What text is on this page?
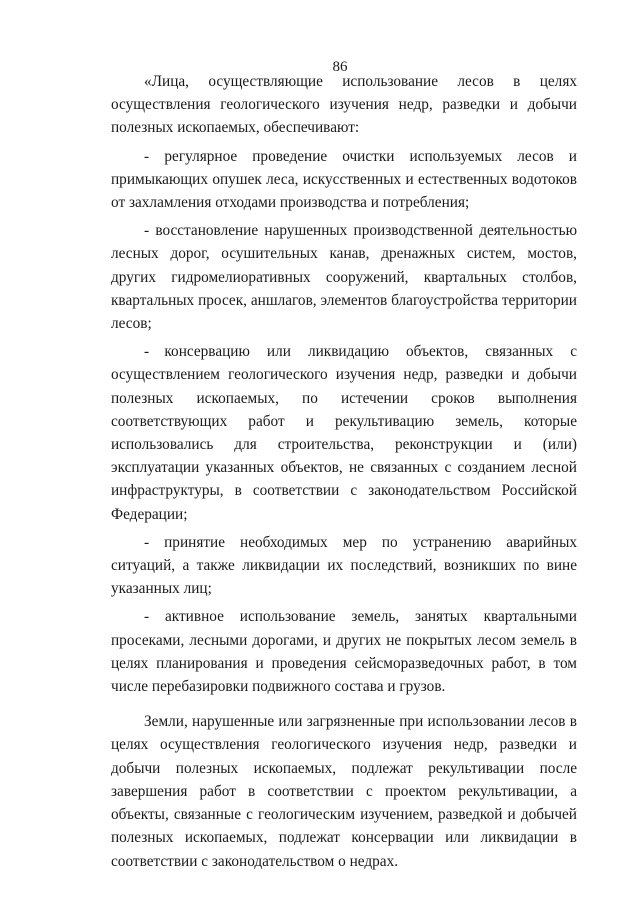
86

«Лица, осуществляющие использование лесов в целях осуществления геологического изучения недр, разведки и добычи полезных ископаемых, обеспечивают:

- регулярное проведение очистки используемых лесов и примыкающих опушек леса, искусственных и естественных водотоков от захламления отходами производства и потребления;

- восстановление нарушенных производственной деятельностью лесных дорог, осушительных канав, дренажных систем, мостов, других гидромелиоративных сооружений, квартальных столбов, квартальных просек, аншлагов, элементов благоустройства территории лесов;

- консервацию или ликвидацию объектов, связанных с осуществлением геологического изучения недр, разведки и добычи полезных ископаемых, по истечении сроков выполнения соответствующих работ и рекультивацию земель, которые использовались для строительства, реконструкции и (или) эксплуатации указанных объектов, не связанных с созданием лесной инфраструктуры, в соответствии с законодательством Российской Федерации;

- принятие необходимых мер по устранению аварийных ситуаций, а также ликвидации их последствий, возникших по вине указанных лиц;

- активное использование земель, занятых квартальными просеками, лесными дорогами, и других не покрытых лесом земель в целях планирования и проведения сейсморазведочных работ, в том числе перебазировки подвижного состава и грузов.

Земли, нарушенные или загрязненные при использовании лесов в целях осуществления геологического изучения недр, разведки и добычи полезных ископаемых, подлежат рекультивации после завершения работ в соответствии с проектом рекультивации, а объекты, связанные с геологическим изучением, разведкой и добычей полезных ископаемых, подлежат консервации или ликвидации в соответствии с законодательством о недрах.
